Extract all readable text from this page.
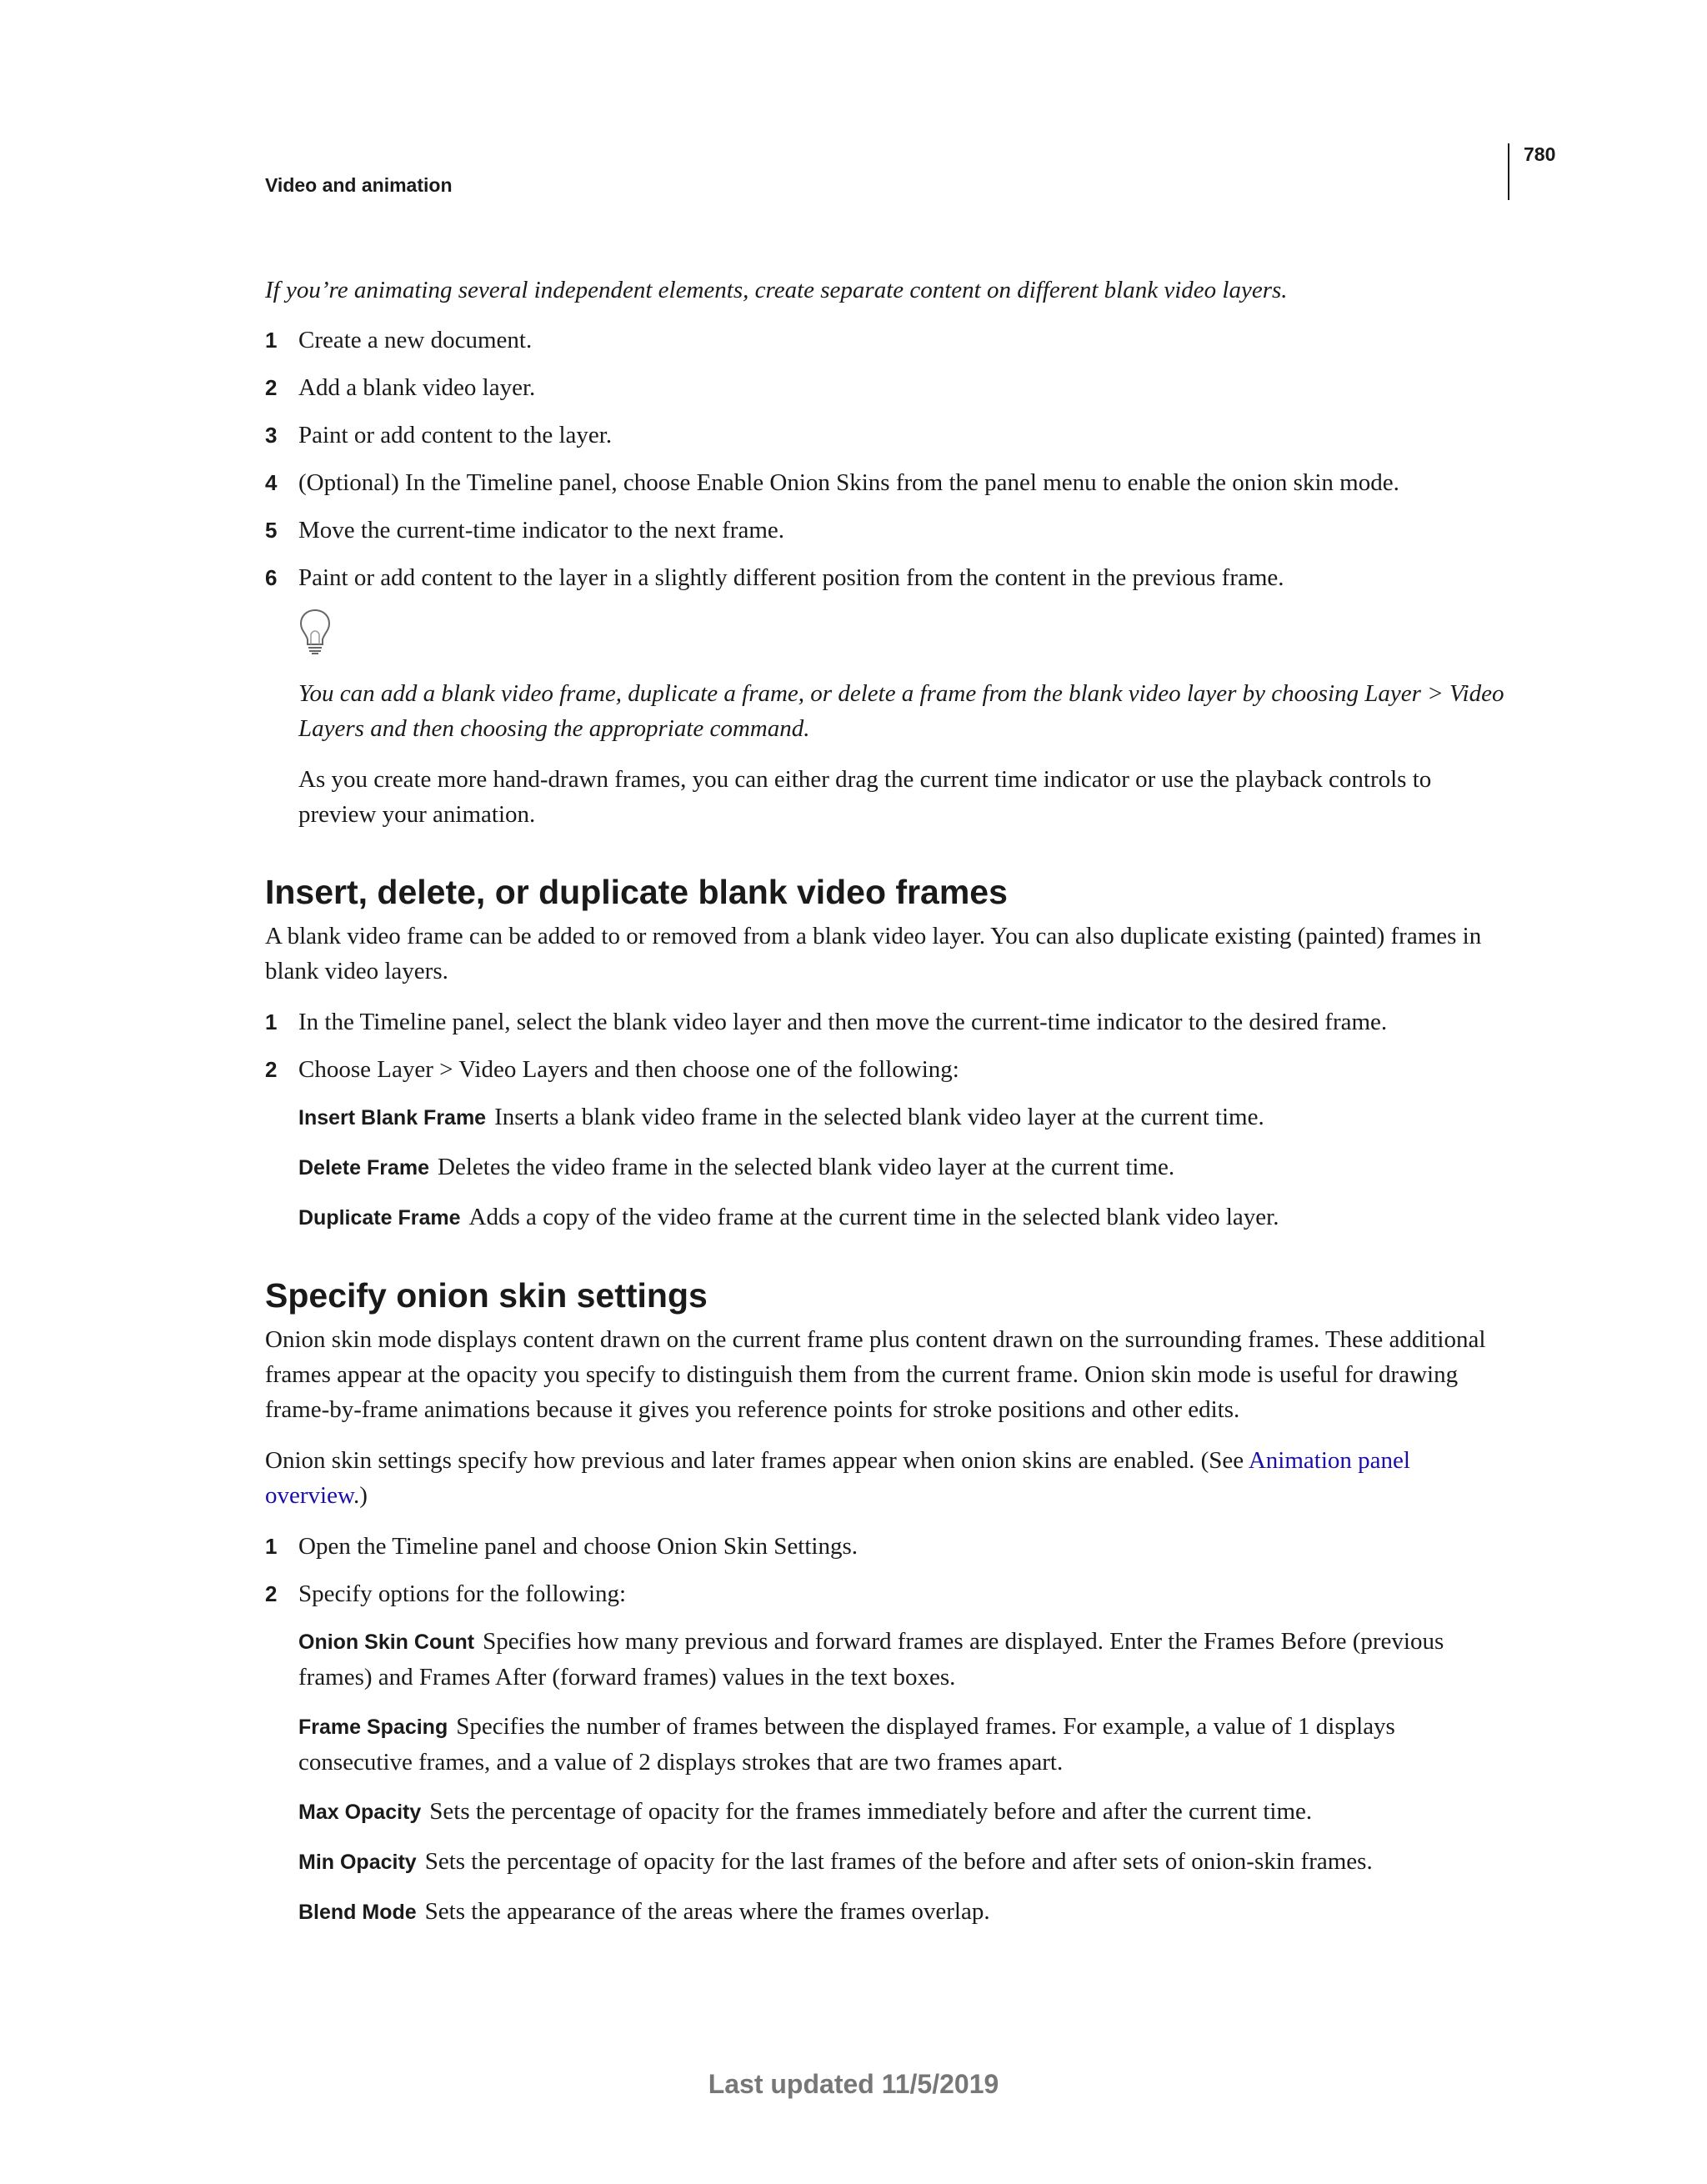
780
Video and animation

If you’re animating several independent elements, create separate content on different blank video layers.

1 Create a new document.
2 Add a blank video layer.
3 Paint or add content to the layer.
4 (Optional) In the Timeline panel, choose Enable Onion Skins from the panel menu to enable the onion skin mode.
5 Move the current-time indicator to the next frame.
6 Paint or add content to the layer in a slightly different position from the content in the previous frame.

You can add a blank video frame, duplicate a frame, or delete a frame from the blank video layer by choosing Layer > Video Layers and then choosing the appropriate command.

As you create more hand-drawn frames, you can either drag the current time indicator or use the playback controls to preview your animation.

Insert, delete, or duplicate blank video frames

A blank video frame can be added to or removed from a blank video layer. You can also duplicate existing (painted) frames in blank video layers.

1 In the Timeline panel, select the blank video layer and then move the current-time indicator to the desired frame.
2 Choose Layer > Video Layers and then choose one of the following:

Insert Blank Frame Inserts a blank video frame in the selected blank video layer at the current time.

Delete Frame Deletes the video frame in the selected blank video layer at the current time.

Duplicate Frame Adds a copy of the video frame at the current time in the selected blank video layer.

Specify onion skin settings

Onion skin mode displays content drawn on the current frame plus content drawn on the surrounding frames. These additional frames appear at the opacity you specify to distinguish them from the current frame. Onion skin mode is useful for drawing frame-by-frame animations because it gives you reference points for stroke positions and other edits.

Onion skin settings specify how previous and later frames appear when onion skins are enabled. (See Animation panel overview.)

1 Open the Timeline panel and choose Onion Skin Settings.
2 Specify options for the following:

Onion Skin Count Specifies how many previous and forward frames are displayed. Enter the Frames Before (previous frames) and Frames After (forward frames) values in the text boxes.

Frame Spacing Specifies the number of frames between the displayed frames. For example, a value of 1 displays consecutive frames, and a value of 2 displays strokes that are two frames apart.

Max Opacity Sets the percentage of opacity for the frames immediately before and after the current time.

Min Opacity Sets the percentage of opacity for the last frames of the before and after sets of onion-skin frames.

Blend Mode Sets the appearance of the areas where the frames overlap.

Last updated 11/5/2019
